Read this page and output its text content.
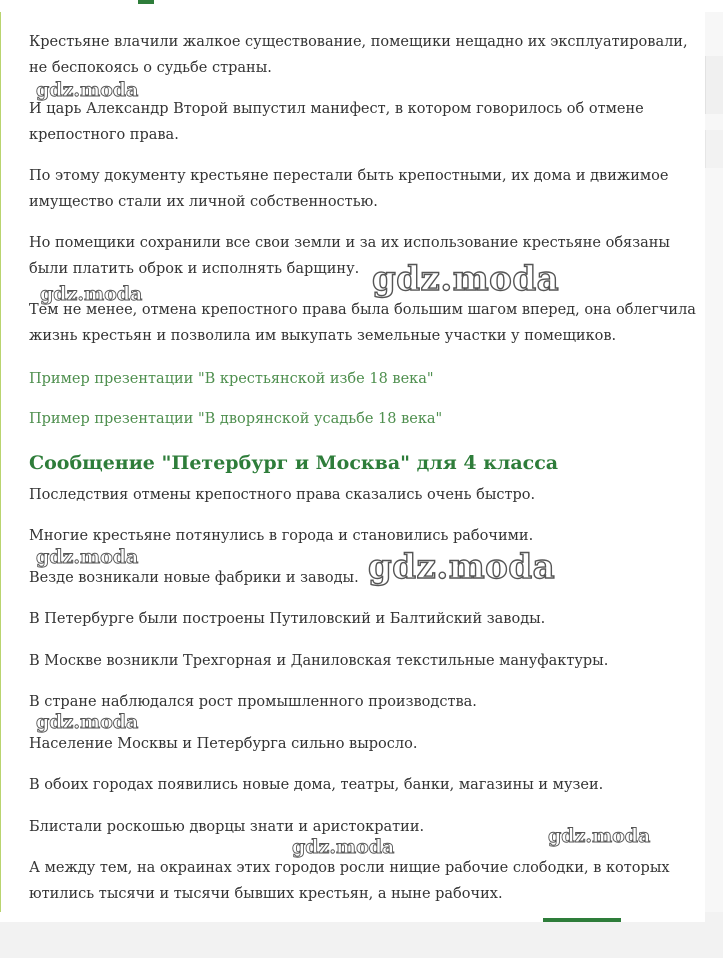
Крестьяне влачили жалкое существование, помещики нещадно их эксплуатировали, не беспокоясь о судьбе страны.

И царь Александр Второй выпустил манифест, в котором говорилось об отмене крепостного права.

По этому документу крестьяне перестали быть крепостными, их дома и движимое имущество стали их личной собственностью.

Но помещики сохранили все свои земли и за их использование крестьяне обязаны были платить оброк и исполнять барщину.

Тем не менее, отмена крепостного права была большим шагом вперед, она облегчила жизнь крестьян и позволила им выкупать земельные участки у помещиков.

Пример презентации "В крестьянской избе 18 века"

Пример презентации "В дворянской усадьбе 18 века"

Сообщение "Петербург и Москва" для 4 класса

Последствия отмены крепостного права сказались очень быстро.

Многие крестьяне потянулись в города и становились рабочими.

Везде возникали новые фабрики и заводы.

В Петербурге были построены Путиловский и Балтийский заводы.

В Москве возникли Трехгорная и Даниловская текстильные мануфактуры.

В стране наблюдался рост промышленного производства.

Население Москвы и Петербурга сильно выросло.

В обоих городах появились новые дома, театры, банки, магазины и музеи.

Блистали роскошью дворцы знати и аристократии.

А между тем, на окраинах этих городов росли нищие рабочие слободки, в которых ютились тысячи и тысячи бывших крестьян, а ныне рабочих.

gdz.moda
gdz.moda
gdz.moda
gdz.moda	gdz.moda
gdz.moda
gdz.moda
gdz.moda
